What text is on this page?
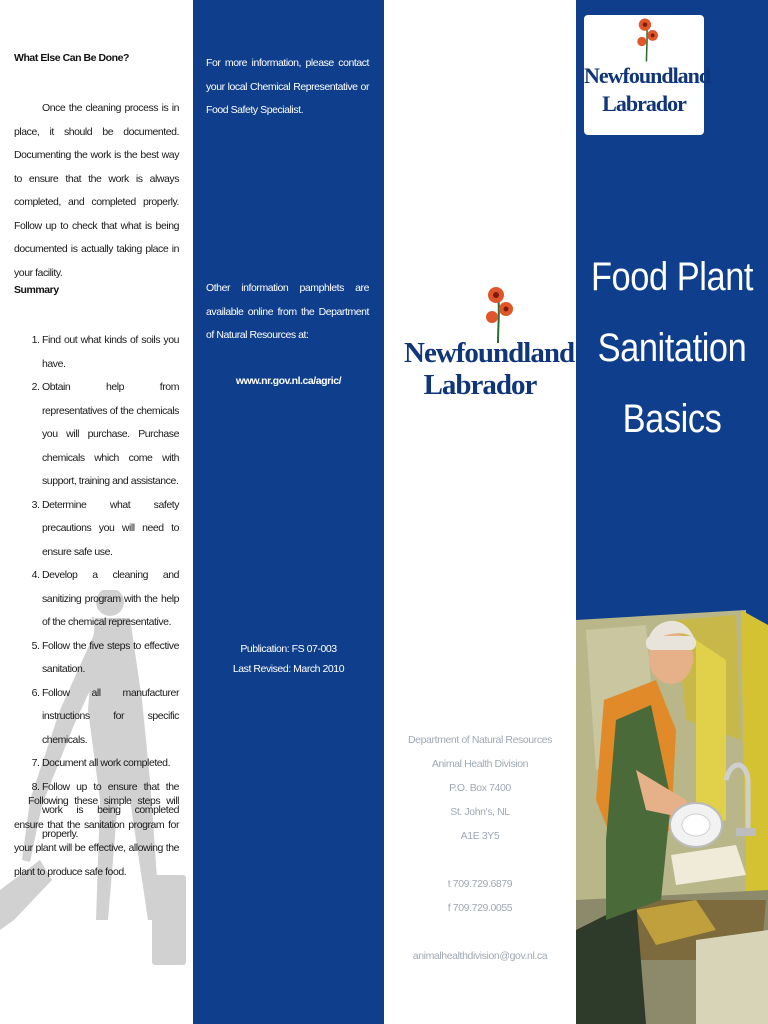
What Else Can Be Done?

Once the cleaning process is in place, it should be documented. Documenting the work is the best way to ensure that the work is always completed, and completed properly. Follow up to check that what is being documented is actually taking place in your facility.

Summary
1. Find out what kinds of soils you have.
2. Obtain help from representatives of the chemicals you will purchase. Purchase chemicals which come with support, training and assistance.
3. Determine what safety precautions you will need to ensure safe use.
4. Develop a cleaning and sanitizing program with the help of the chemical representative.
5. Follow the five steps to effective sanitation.
6. Follow all manufacturer instructions for specific chemicals.
7. Document all work completed.
8. Follow up to ensure that the work is being completed properly.

Following these simple steps will ensure that the sanitation program for your plant will be effective, allowing the plant to produce safe food.

For more information, please contact your local Chemical Representative or Food Safety Specialist.

Other information pamphlets are available online from the Department of Natural Resources at:

www.nr.gov.nl.ca/agric/

Publication: FS 07-003

Last Revised: March 2010

Newfoundland
Labrador

Department of Natural Resources

Animal Health Division

P.O. Box 7400

St. John's, NL

A1E 3Y5

t 709.729.6879

f 709.729.0055

animalhealthdivision@gov.nl.ca

Newfoundland
Labrador
Food Plant
Sanitation
Basics
